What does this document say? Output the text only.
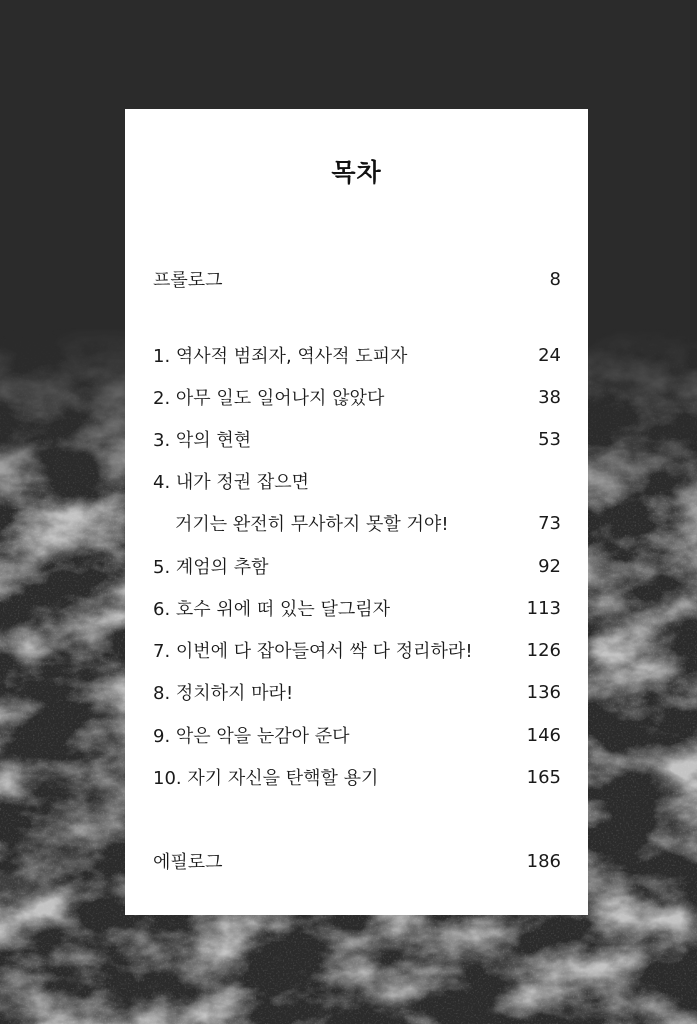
목차
프롤로그	8
1. 역사적 범죄자, 역사적 도피자	24
2. 아무 일도 일어나지 않았다	38
3. 악의 현현	53
4. 내가 정권 잡으면
거기는 완전히 무사하지 못할 거야!	73
5. 계엄의 추함	92
6. 호수 위에 떠 있는 달그림자	113
7. 이번에 다 잡아들여서 싹 다 정리하라!	126
8. 정치하지 마라!	136
9. 악은 악을 눈감아 준다	146
10. 자기 자신을 탄핵할 용기	165
에필로그	186
